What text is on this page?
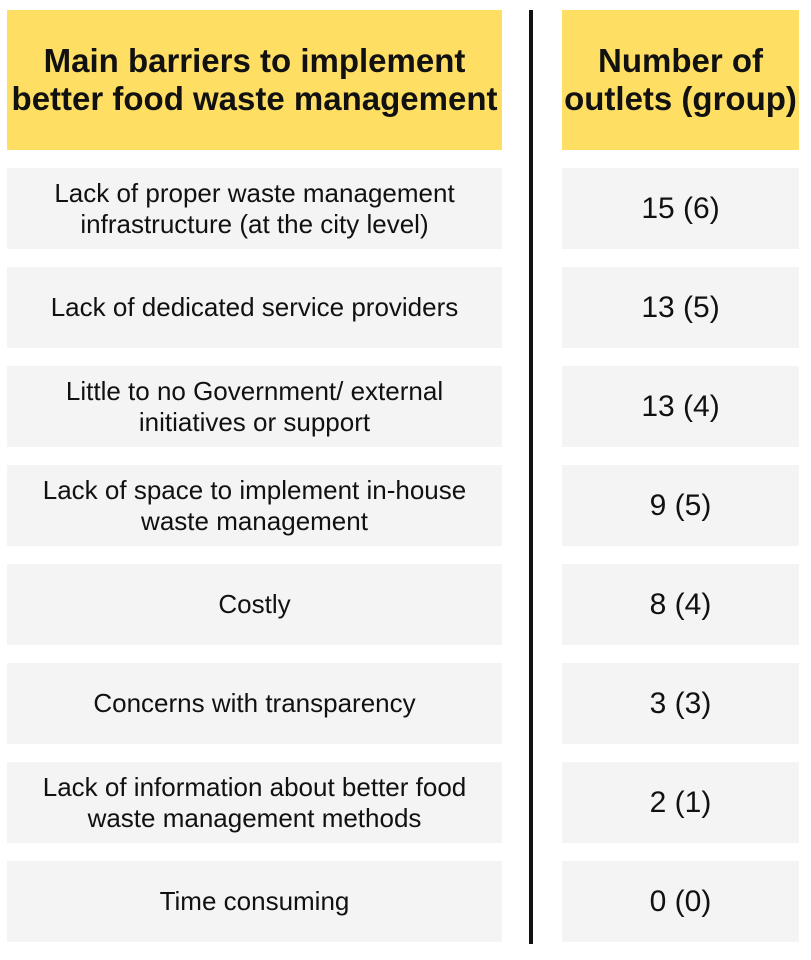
Main barriers to implement better food waste management
Number of outlets (group)
Lack of proper waste management infrastructure (at the city level)
Lack of dedicated service providers
Little to no Government/ external initiatives or support
Lack of space to implement in-house waste management
Costly
Concerns with transparency
Lack of information about better food waste management methods
Time consuming
15 (6)
13 (5)
13 (4)
9 (5)
8 (4)
3 (3)
2 (1)
0 (0)
